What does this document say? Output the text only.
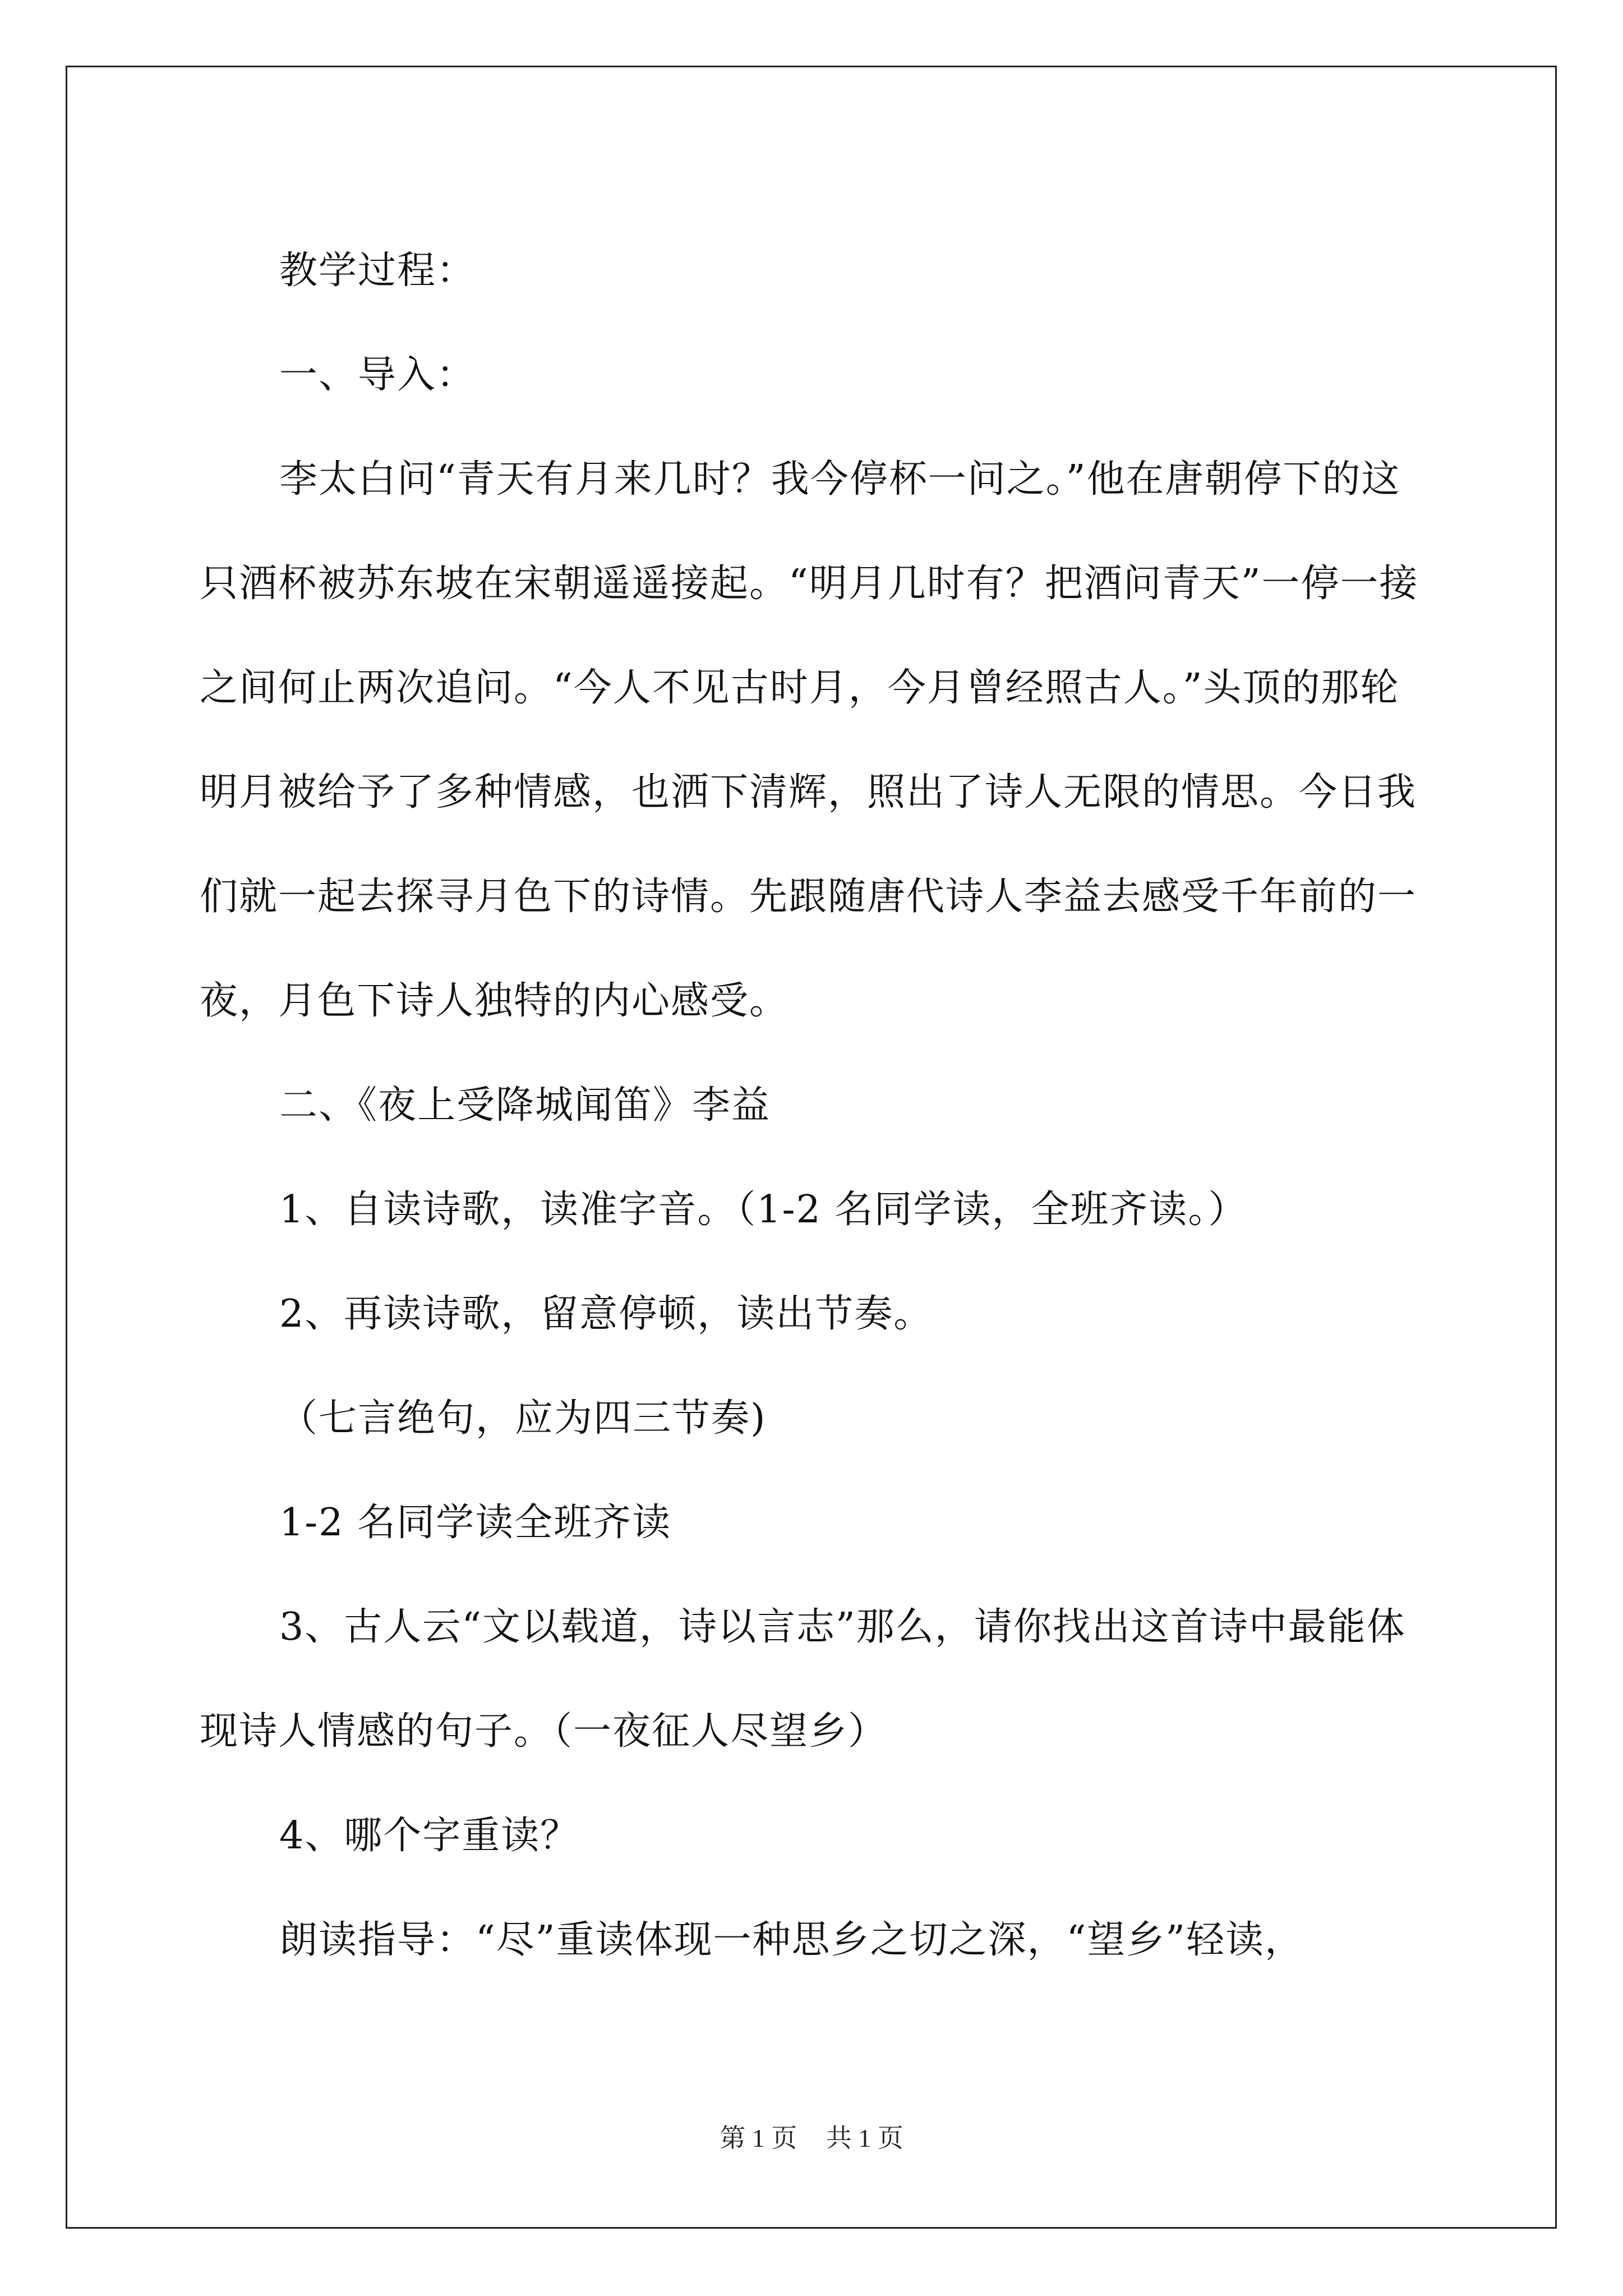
教学过程：

一、导入：

李太白问“青天有月来几时？我今停杯一问之。”他在唐朝停下的这只酒杯被苏东坡在宋朝遥遥接起。“明月几时有？把酒问青天”一停一接之间何止两次追问。“今人不见古时月，今月曾经照古人。”头顶的那轮明月被给予了多种情感，也洒下清辉，照出了诗人无限的情思。今日我们就一起去探寻月色下的诗情。先跟随唐代诗人李益去感受千年前的一夜，月色下诗人独特的内心感受。

二、《夜上受降城闻笛》李益

1、自读诗歌，读准字音。（1-2 名同学读，全班齐读。）

2、再读诗歌，留意停顿，读出节奏。

（七言绝句，应为四三节奏)

1-2 名同学读全班齐读

3、古人云“文以载道，诗以言志”那么，请你找出这首诗中最能体现诗人情感的句子。（一夜征人尽望乡）

4、哪个字重读？

朗读指导：“尽”重读体现一种思乡之切之深，“望乡”轻读，

第 1 页 共 1 页
